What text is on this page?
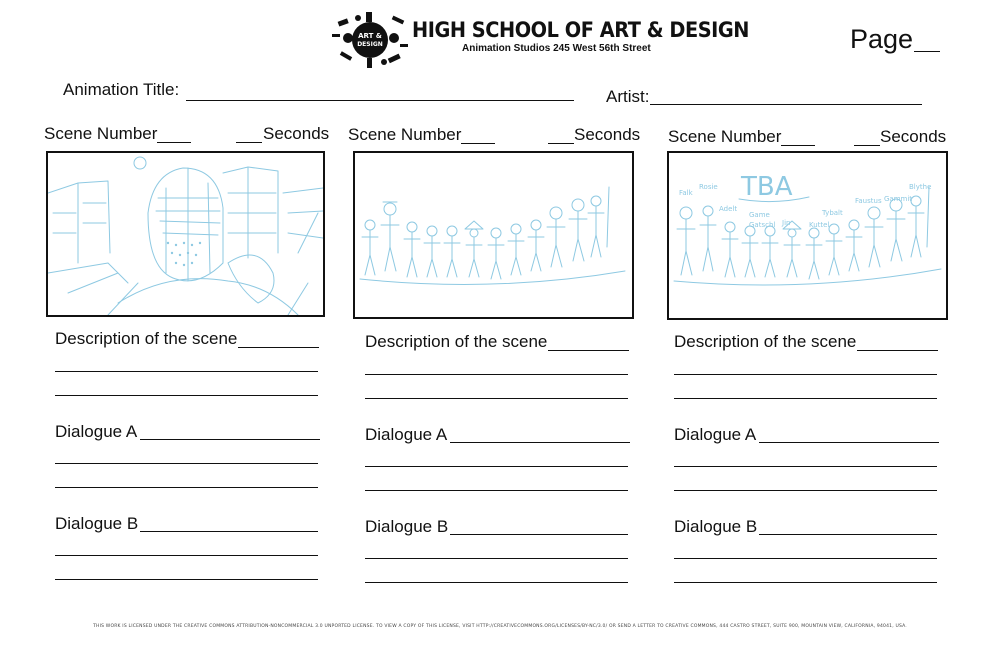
ART &
DESIGN
HIGH SCHOOL OF ART & DESIGN
Animation Studios 245 West 56th Street	Page
Animation Title:	Artist:
Scene Number	Seconds
Description of the scene
Dialogue A
Dialogue B
Scene Number	Seconds
Description of the scene
Dialogue A
Dialogue B
Scene Number	Seconds
TBA
Falk
Rosie
Adelt
Game
Gatschl Jin	Kuttel
Tybalt
Faustus Gammit
Blythe
Description of the scene
Dialogue A
Dialogue B
THIS WORK IS LICENSED UNDER THE CREATIVE COMMONS ATTRIBUTION-NONCOMMERCIAL 3.0 UNPORTED LICENSE. TO VIEW A COPY OF THIS LICENSE, VISIT HTTP://CREATIVECOMMONS.ORG/LICENSES/BY-NC/3.0/ OR SEND A LETTER TO CREATIVE COMMONS, 444 CASTRO STREET, SUITE 900, MOUNTAIN VIEW, CALIFORNIA, 94041, USA.
